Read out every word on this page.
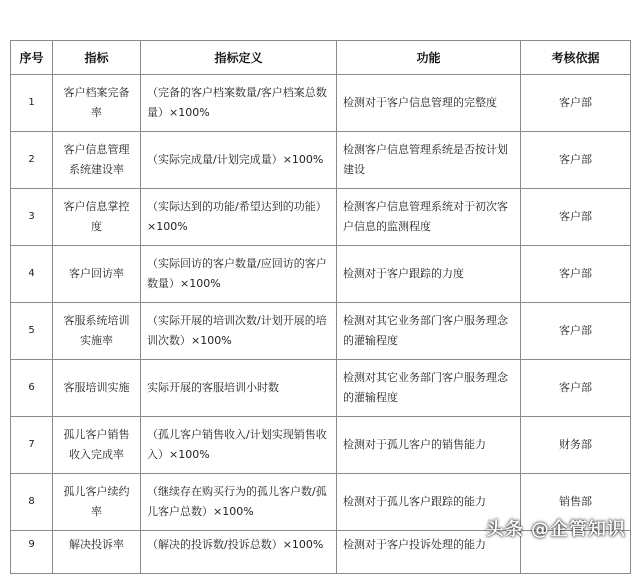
序号	指标	指标定义	功能	考核依据
1	客户档案完备率	（完备的客户档案数量/客户档案总数量）×100%	检测对于客户信息管理的完整度	客户部
2	客户信息管理系统建设率	（实际完成量/计划完成量）×100%	检测客户信息管理系统是否按计划建设	客户部
3	客户信息掌控度	（实际达到的功能/希望达到的功能）×100%	检测客户信息管理系统对于初次客户信息的监测程度	客户部
4	客户回访率	（实际回访的客户数量/应回访的客户数量）×100%	检测对于客户跟踪的力度	客户部
5	客服系统培训实施率	（实际开展的培训次数/计划开展的培训次数）×100%	检测对其它业务部门客户服务理念的灌输程度	客户部
6	客服培训实施	实际开展的客服培训小时数	检测对其它业务部门客户服务理念的灌输程度	客户部
7	孤儿客户销售收入完成率	（孤儿客户销售收入/计划实现销售收入）×100%	检测对于孤儿客户的销售能力	财务部
8	孤儿客户续约率	（继续存在购买行为的孤儿客户数/孤儿客户总数）×100%	检测对于孤儿客户跟踪的能力	销售部
9	解决投诉率	（解决的投诉数/投诉总数）×100%	检测对于客户投诉处理的能力	
头条 @企管知识
